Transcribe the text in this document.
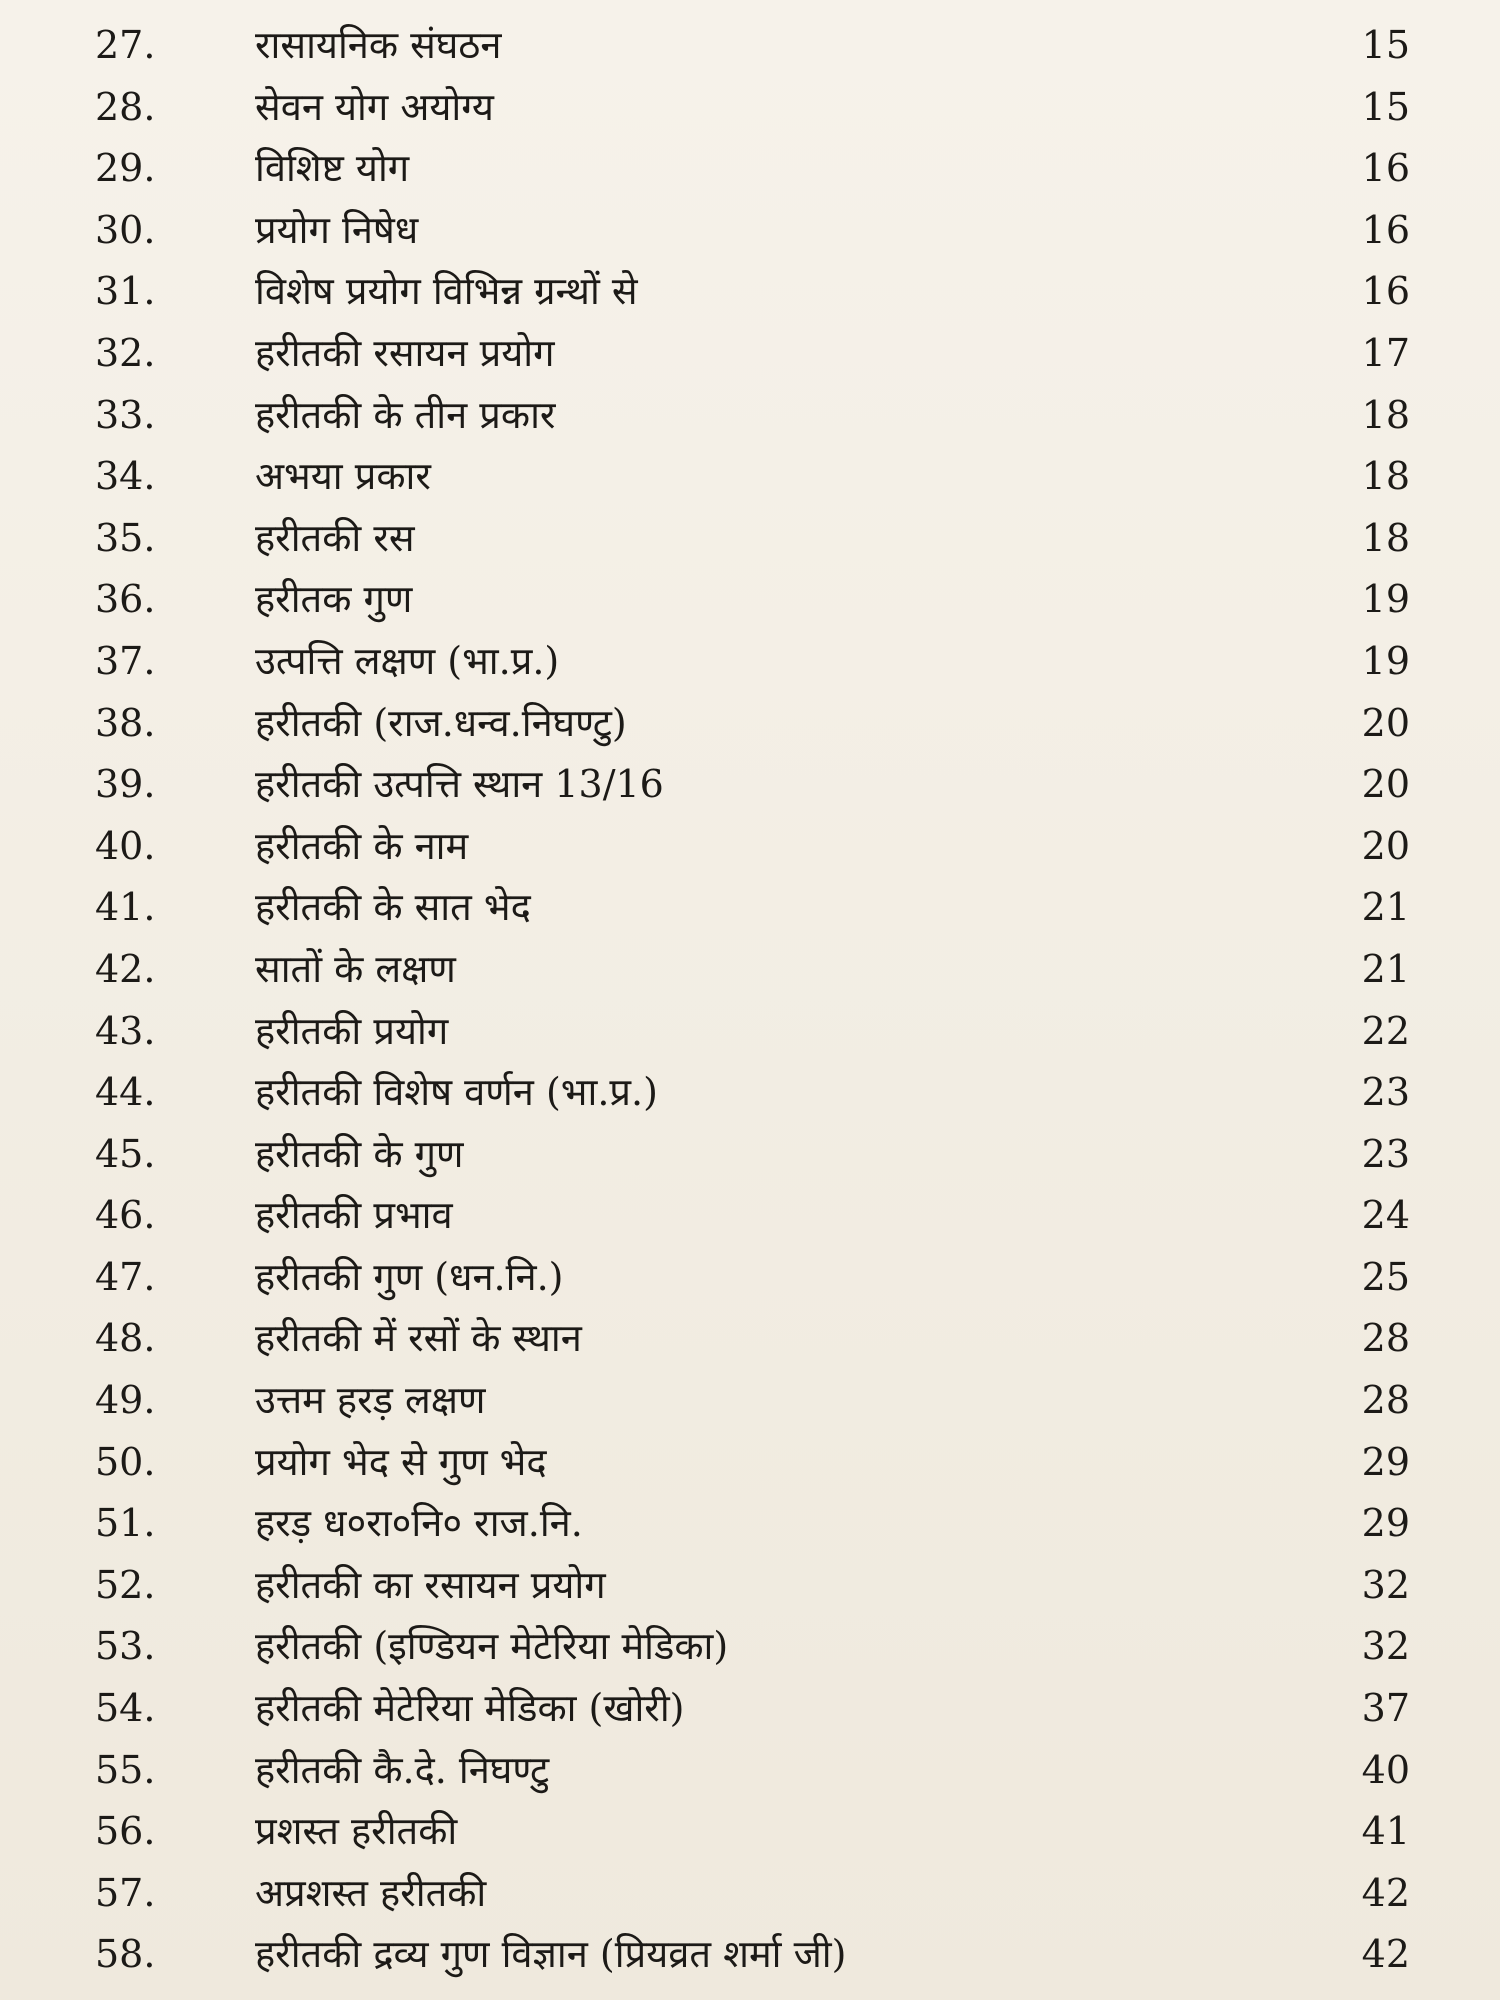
27.	रासायनिक संघठन	15
28.	सेवन योग अयोग्य	15
29.	विशिष्ट योग	16
30.	प्रयोग निषेध	16
31.	विशेष प्रयोग विभिन्न ग्रन्थों से	16
32.	हरीतकी रसायन प्रयोग	17
33.	हरीतकी के तीन प्रकार	18
34.	अभया प्रकार	18
35.	हरीतकी रस	18
36.	हरीतक गुण	19
37.	उत्पत्ति लक्षण (भा.प्र.)	19
38.	हरीतकी (राज.धन्व.निघण्टु)	20
39.	हरीतकी उत्पत्ति स्थान 13/16	20
40.	हरीतकी के नाम	20
41.	हरीतकी के सात भेद	21
42.	सातों के लक्षण	21
43.	हरीतकी प्रयोग	22
44.	हरीतकी विशेष वर्णन (भा.प्र.)	23
45.	हरीतकी के गुण	23
46.	हरीतकी प्रभाव	24
47.	हरीतकी गुण (धन.नि.)	25
48.	हरीतकी में रसों के स्थान	28
49.	उत्तम हरड़ लक्षण	28
50.	प्रयोग भेद से गुण भेद	29
51.	हरड़ ध०रा०नि० राज.नि.	29
52.	हरीतकी का रसायन प्रयोग	32
53.	हरीतकी (इण्डियन मेटेरिया मेडिका)	32
54.	हरीतकी मेटेरिया मेडिका (खोरी)	37
55.	हरीतकी कै.दे. निघण्टु	40
56.	प्रशस्त हरीतकी	41
57.	अप्रशस्त हरीतकी	42
58.	हरीतकी द्रव्य गुण विज्ञान (प्रियव्रत शर्मा जी)	42
